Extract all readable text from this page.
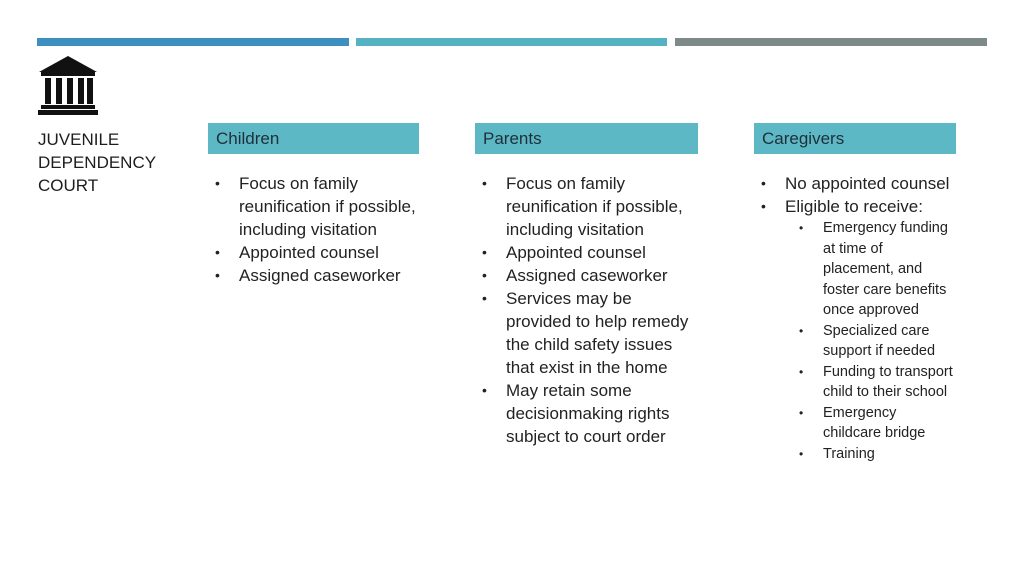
JUVENILE DEPENDENCY COURT
Children
• Focus on family reunification if possible, including visitation
• Appointed counsel
• Assigned caseworker
Parents
• Focus on family reunification if possible, including visitation
• Appointed counsel
• Assigned caseworker
• Services may be provided to help remedy the child safety issues that exist in the home
• May retain some decisionmaking rights subject to court order
Caregivers
• No appointed counsel
• Eligible to receive:
• Emergency funding at time of placement, and foster care benefits once approved
• Specialized care support if needed
• Funding to transport child to their school
• Emergency childcare bridge
• Training
